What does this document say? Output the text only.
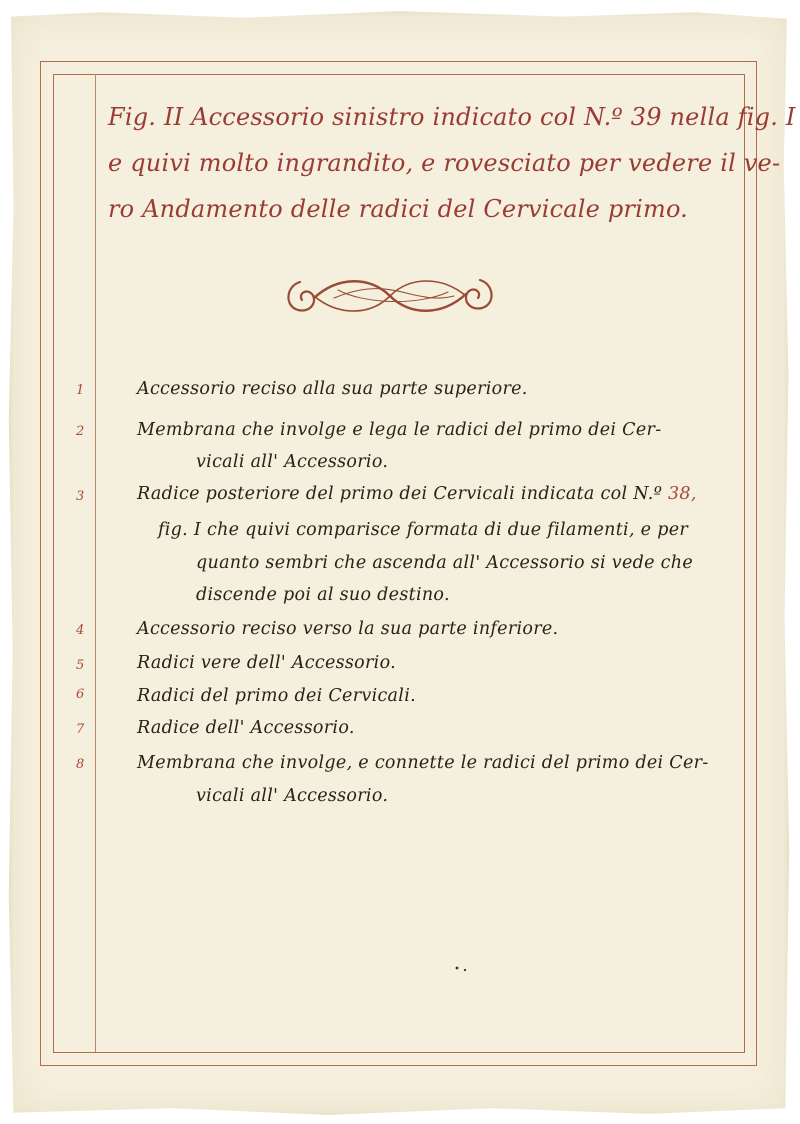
Fig. II Accessorio sinistro indicato col N.º 39 nella fig. I
e quivi molto ingrandito, e rovesciato per vedere il ve-
ro Andamento delle radici del Cervicale primo.
1
2
3
4
5
6
7
8
Accessorio reciso alla sua parte superiore.
Membrana che involge e lega le radici del primo dei Cer-
vicali all' Accessorio.
Radice posteriore del primo dei Cervicali indicata col N.º 38,
fig. I che quivi comparisce formata di due filamenti, e per
quanto sembri che ascenda all' Accessorio si vede che
discende poi al suo destino.
Accessorio reciso verso la sua parte inferiore.
Radici vere dell' Accessorio.
Radici del primo dei Cervicali.
Radice dell' Accessorio.
Membrana che involge, e connette le radici del primo dei Cer-
vicali all' Accessorio.
